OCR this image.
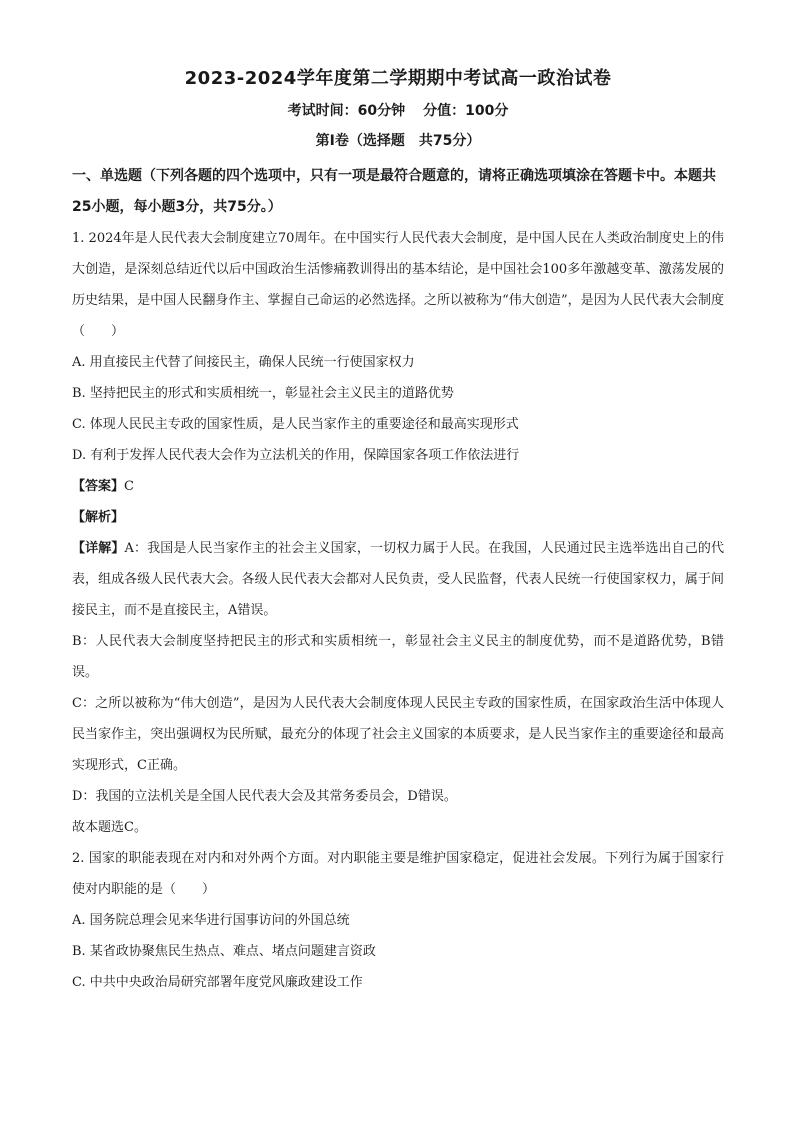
2023-2024学年度第二学期期中考试高一政治试卷
考试时间：60分钟 分值：100分
第Ⅰ卷（选择题　共75分）

一、单选题（下列各题的四个选项中，只有一项是最符合题意的，请将正确选项填涂在答题卡中。本题共25小题，每小题3分，共75分。）

1. 2024年是人民代表大会制度建立70周年。在中国实行人民代表大会制度，是中国人民在人类政治制度史上的伟大创造，是深刻总结近代以后中国政治生活惨痛教训得出的基本结论，是中国社会100多年激越变革、激荡发展的历史结果，是中国人民翻身作主、掌握自己命运的必然选择。之所以被称为“伟大创造”，是因为人民代表大会制度（　　）

A. 用直接民主代替了间接民主，确保人民统一行使国家权力

B. 坚持把民主的形式和实质相统一，彰显社会主义民主的道路优势

C. 体现人民民主专政的国家性质，是人民当家作主的重要途径和最高实现形式

D. 有利于发挥人民代表大会作为立法机关的作用，保障国家各项工作依法进行

【答案】C

【解析】

【详解】A：我国是人民当家作主的社会主义国家，一切权力属于人民。在我国，人民通过民主选举选出自己的代表，组成各级人民代表大会。各级人民代表大会都对人民负责，受人民监督，代表人民统一行使国家权力，属于间接民主，而不是直接民主，A错误。

B：人民代表大会制度坚持把民主的形式和实质相统一，彰显社会主义民主的制度优势，而不是道路优势，B错误。

C：之所以被称为“伟大创造”，是因为人民代表大会制度体现人民民主专政的国家性质，在国家政治生活中体现人民当家作主，突出强调权为民所赋，最充分的体现了社会主义国家的本质要求，是人民当家作主的重要途径和最高实现形式，C正确。

D：我国的立法机关是全国人民代表大会及其常务委员会，D错误。

故本题选C。

2. 国家的职能表现在对内和对外两个方面。对内职能主要是维护国家稳定，促进社会发展。下列行为属于国家行使对内职能的是（　　）

A. 国务院总理会见来华进行国事访问的外国总统

B. 某省政协聚焦民生热点、难点、堵点问题建言资政

C. 中共中央政治局研究部署年度党风廉政建设工作
